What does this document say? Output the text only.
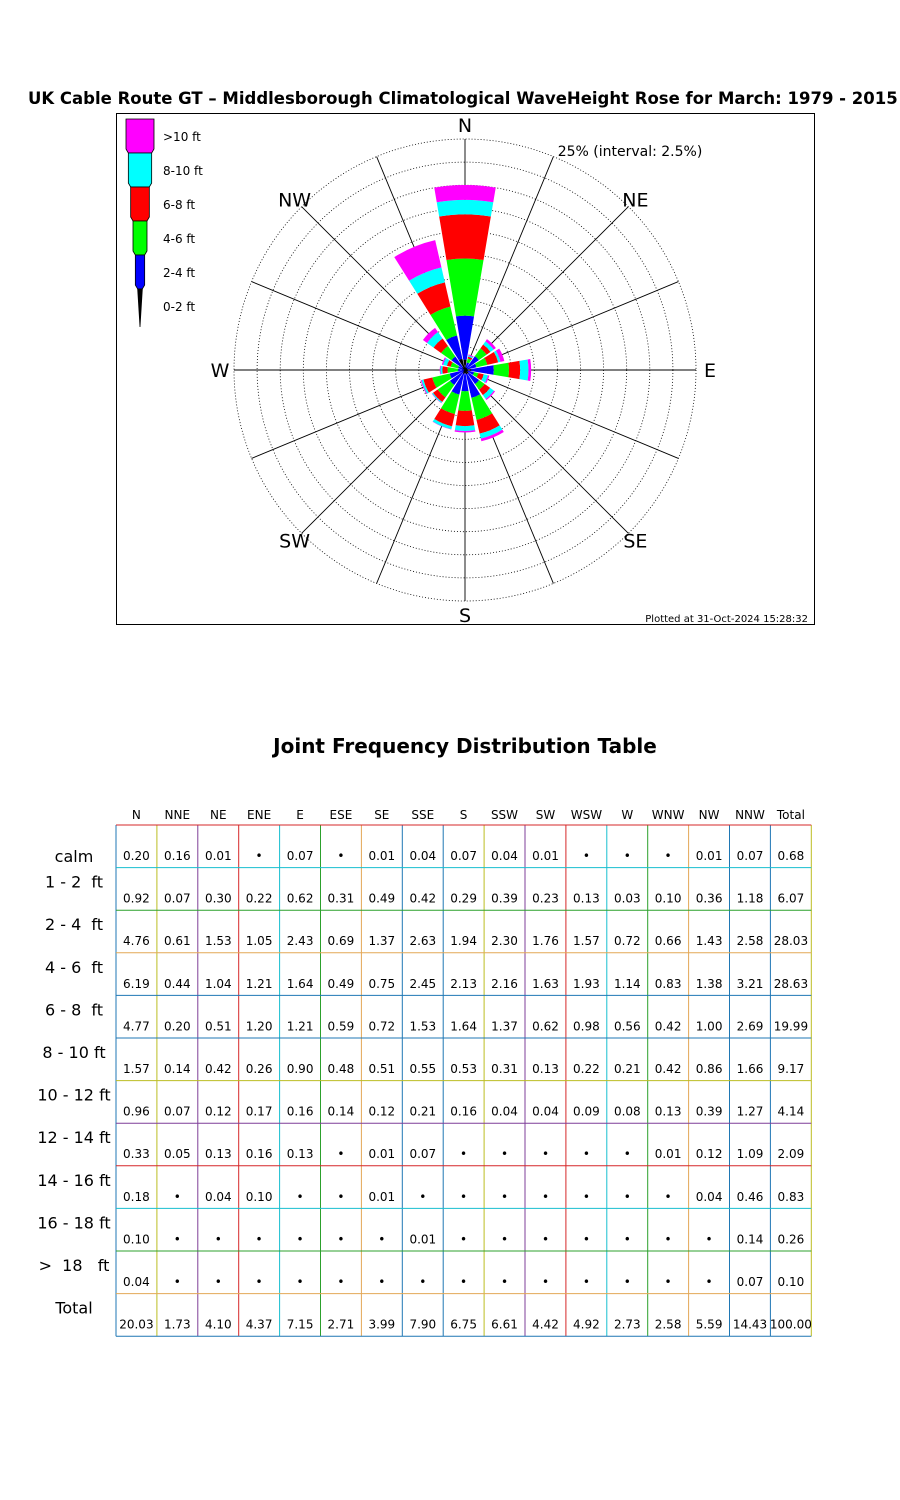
UK Cable Route GT – Middlesborough Climatological WaveHeight Rose for March: 1979 - 2015
N
NE
E
SE
S
SW
W
NW
25% (interval: 2.5%)
Plotted at 31-Oct-2024 15:28:32
>10 ft
8-10 ft
6-8 ft
4-6 ft
2-4 ft
0-2 ft
Joint Frequency Distribution Table
N NNE NE ENE E ESE SE SSE S SSW SW WSW W WNW NW NNW Total
calm 0.20 0.16 0.01 • 0.07 • 0.01 0.04 0.07 0.04 0.01 •	•	• 0.01 0.07 0.68
1 - 2  ft
0.92 0.07 0.30 0.22 0.62 0.31 0.49 0.42 0.29 0.39 0.23 0.13 0.03 0.10 0.36 1.18 6.07
2 - 4  ft
4.76 0.61 1.53 1.05 2.43 0.69 1.37 2.63 1.94 2.30 1.76 1.57 0.72 0.66 1.43 2.58 28.03
4 - 6  ft
6.19 0.44 1.04 1.21 1.64 0.49 0.75 2.45 2.13 2.16 1.63 1.93 1.14 0.83 1.38 3.21 28.63
6 - 8  ft
4.77 0.20 0.51 1.20 1.21 0.59 0.72 1.53 1.64 1.37 0.62 0.98 0.56 0.42 1.00 2.69 19.99
8 - 10 ft
1.57 0.14 0.42 0.26 0.90 0.48 0.51 0.55 0.53 0.31 0.13 0.22 0.21 0.42 0.86 1.66 9.17
10 - 12 ft
0.96 0.07 0.12 0.17 0.16 0.14 0.12 0.21 0.16 0.04 0.04 0.09 0.08 0.13 0.39 1.27 4.14
12 - 14 ft
0.33 0.05 0.13 0.16 0.13 • 0.01 0.07 •	•	•	•	• 0.01 0.12 1.09 2.09
14 - 16 ft
0.18 • 0.04 0.10 •	• 0.01 •	•	•	•	•	•	• 0.04 0.46 0.83
16 - 18 ft
0.10 •	•	•	•	•	• 0.01 •	•	•	•	•	•	• 0.14 0.26
>  18   ft
0.04 •	•	•	•	•	•	•	•	•	•	•	•	•	• 0.07 0.10
Total
20.03 1.73 4.10 4.37 7.15 2.71 3.99 7.90 6.75 6.61 4.42 4.92 2.73 2.58 5.59 14.43 100.00
